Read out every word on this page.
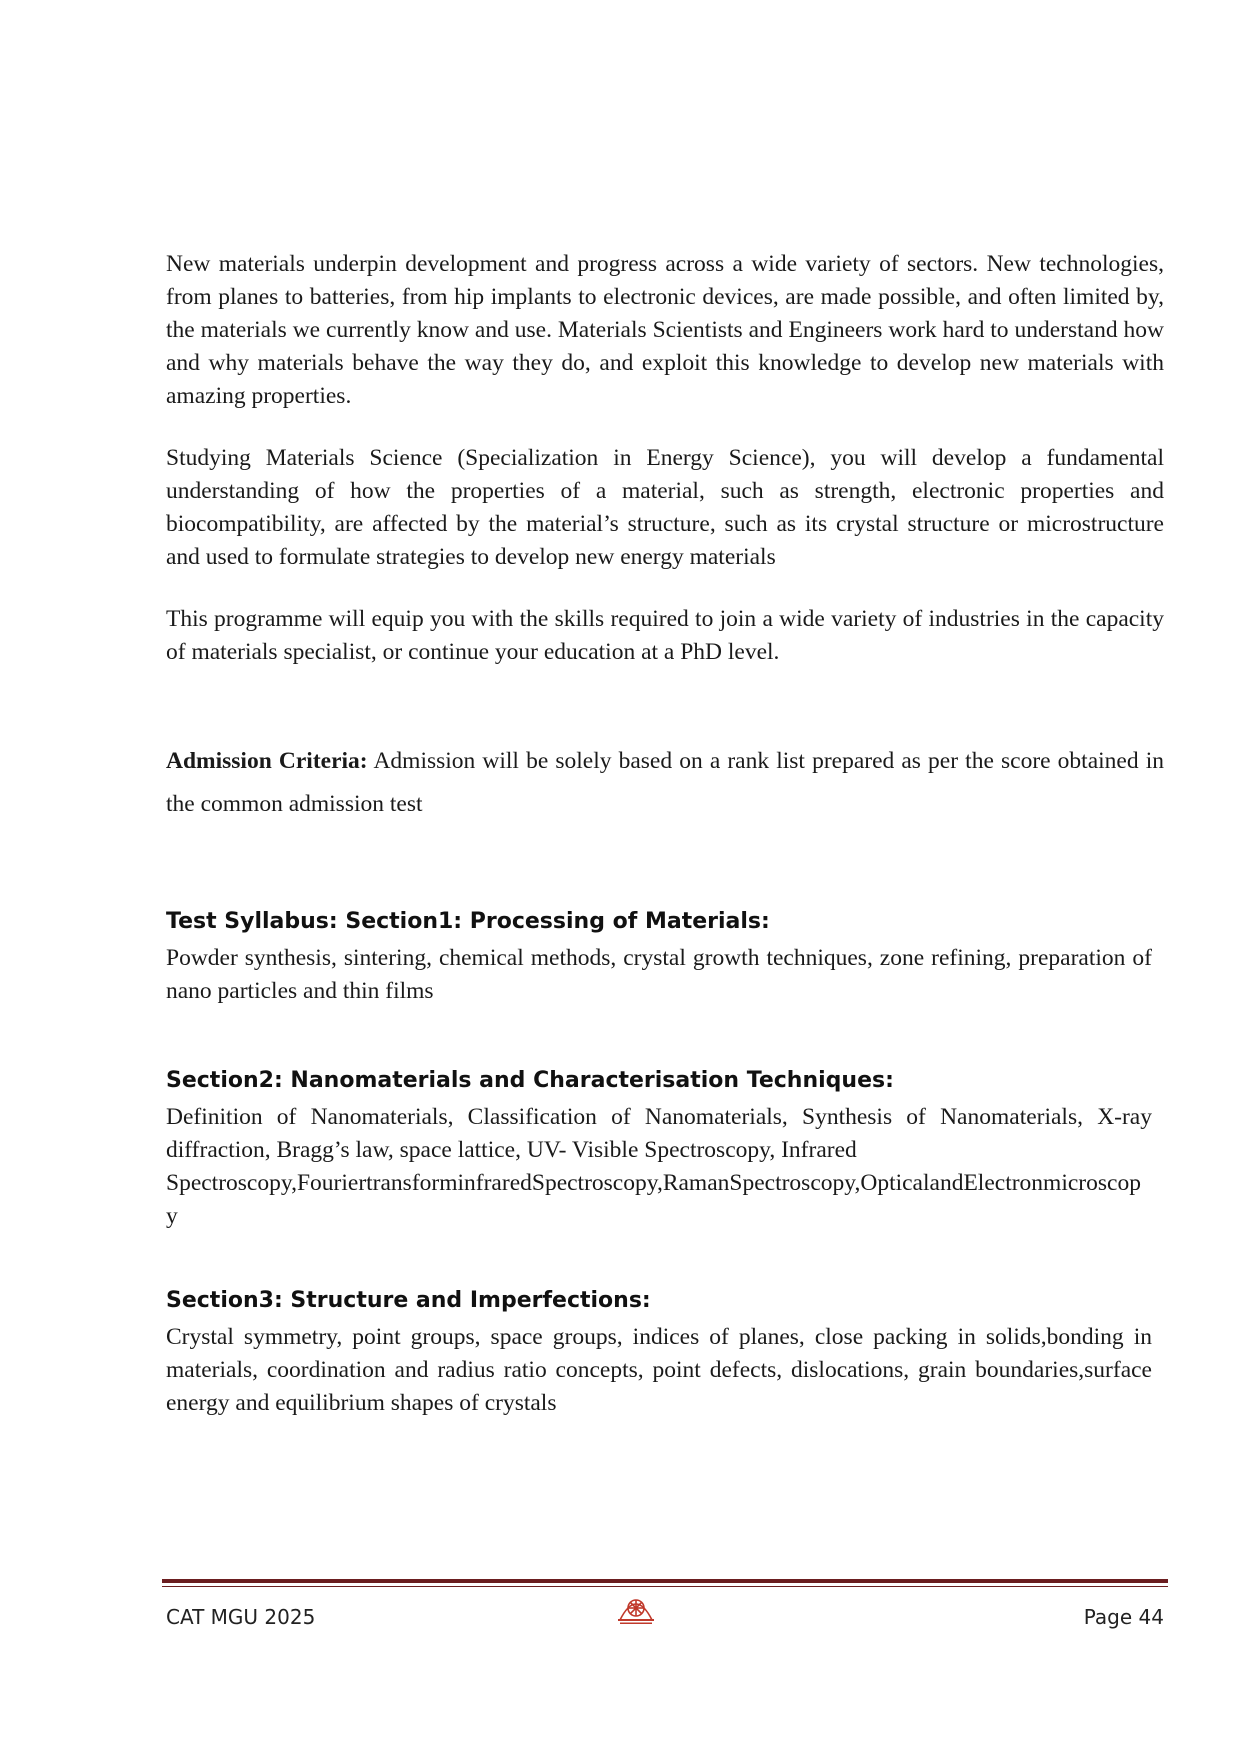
New materials underpin development and progress across a wide variety of sectors. New technologies, from planes to batteries, from hip implants to electronic devices, are made possible, and often limited by, the materials we currently know and use. Materials Scientists and Engineers work hard to understand how and why materials behave the way they do, and exploit this knowledge to develop new materials with amazing properties.

Studying Materials Science (Specialization in Energy Science), you will develop a fundamental understanding of how the properties of a material, such as strength, electronic properties and biocompatibility, are affected by the material’s structure, such as its crystal structure or microstructure and used to formulate strategies to develop new energy materials

This programme will equip you with the skills required to join a wide variety of industries in the capacity of materials specialist, or continue your education at a PhD level.

Admission Criteria: Admission will be solely based on a rank list prepared as per the score obtained in the common admission test

Test Syllabus: Section1: Processing of Materials:

Powder synthesis, sintering, chemical methods, crystal growth techniques, zone refining, preparation of nano particles and thin films

Section2: Nanomaterials and Characterisation Techniques:

Definition of Nanomaterials, Classification of Nanomaterials, Synthesis of Nanomaterials, X-ray diffraction, Bragg’s law, space lattice, UV- Visible Spectroscopy, Infrared
Spectroscopy,FouriertransforminfraredSpectroscopy,RamanSpectroscopy,OpticalandElectronmicroscopy

Section3: Structure and Imperfections:

Crystal symmetry, point groups, space groups, indices of planes, close packing in solids,bonding in materials, coordination and radius ratio concepts, point defects, dislocations, grain boundaries,surface energy and equilibrium shapes of crystals

CAT MGU 2025	Page 44
